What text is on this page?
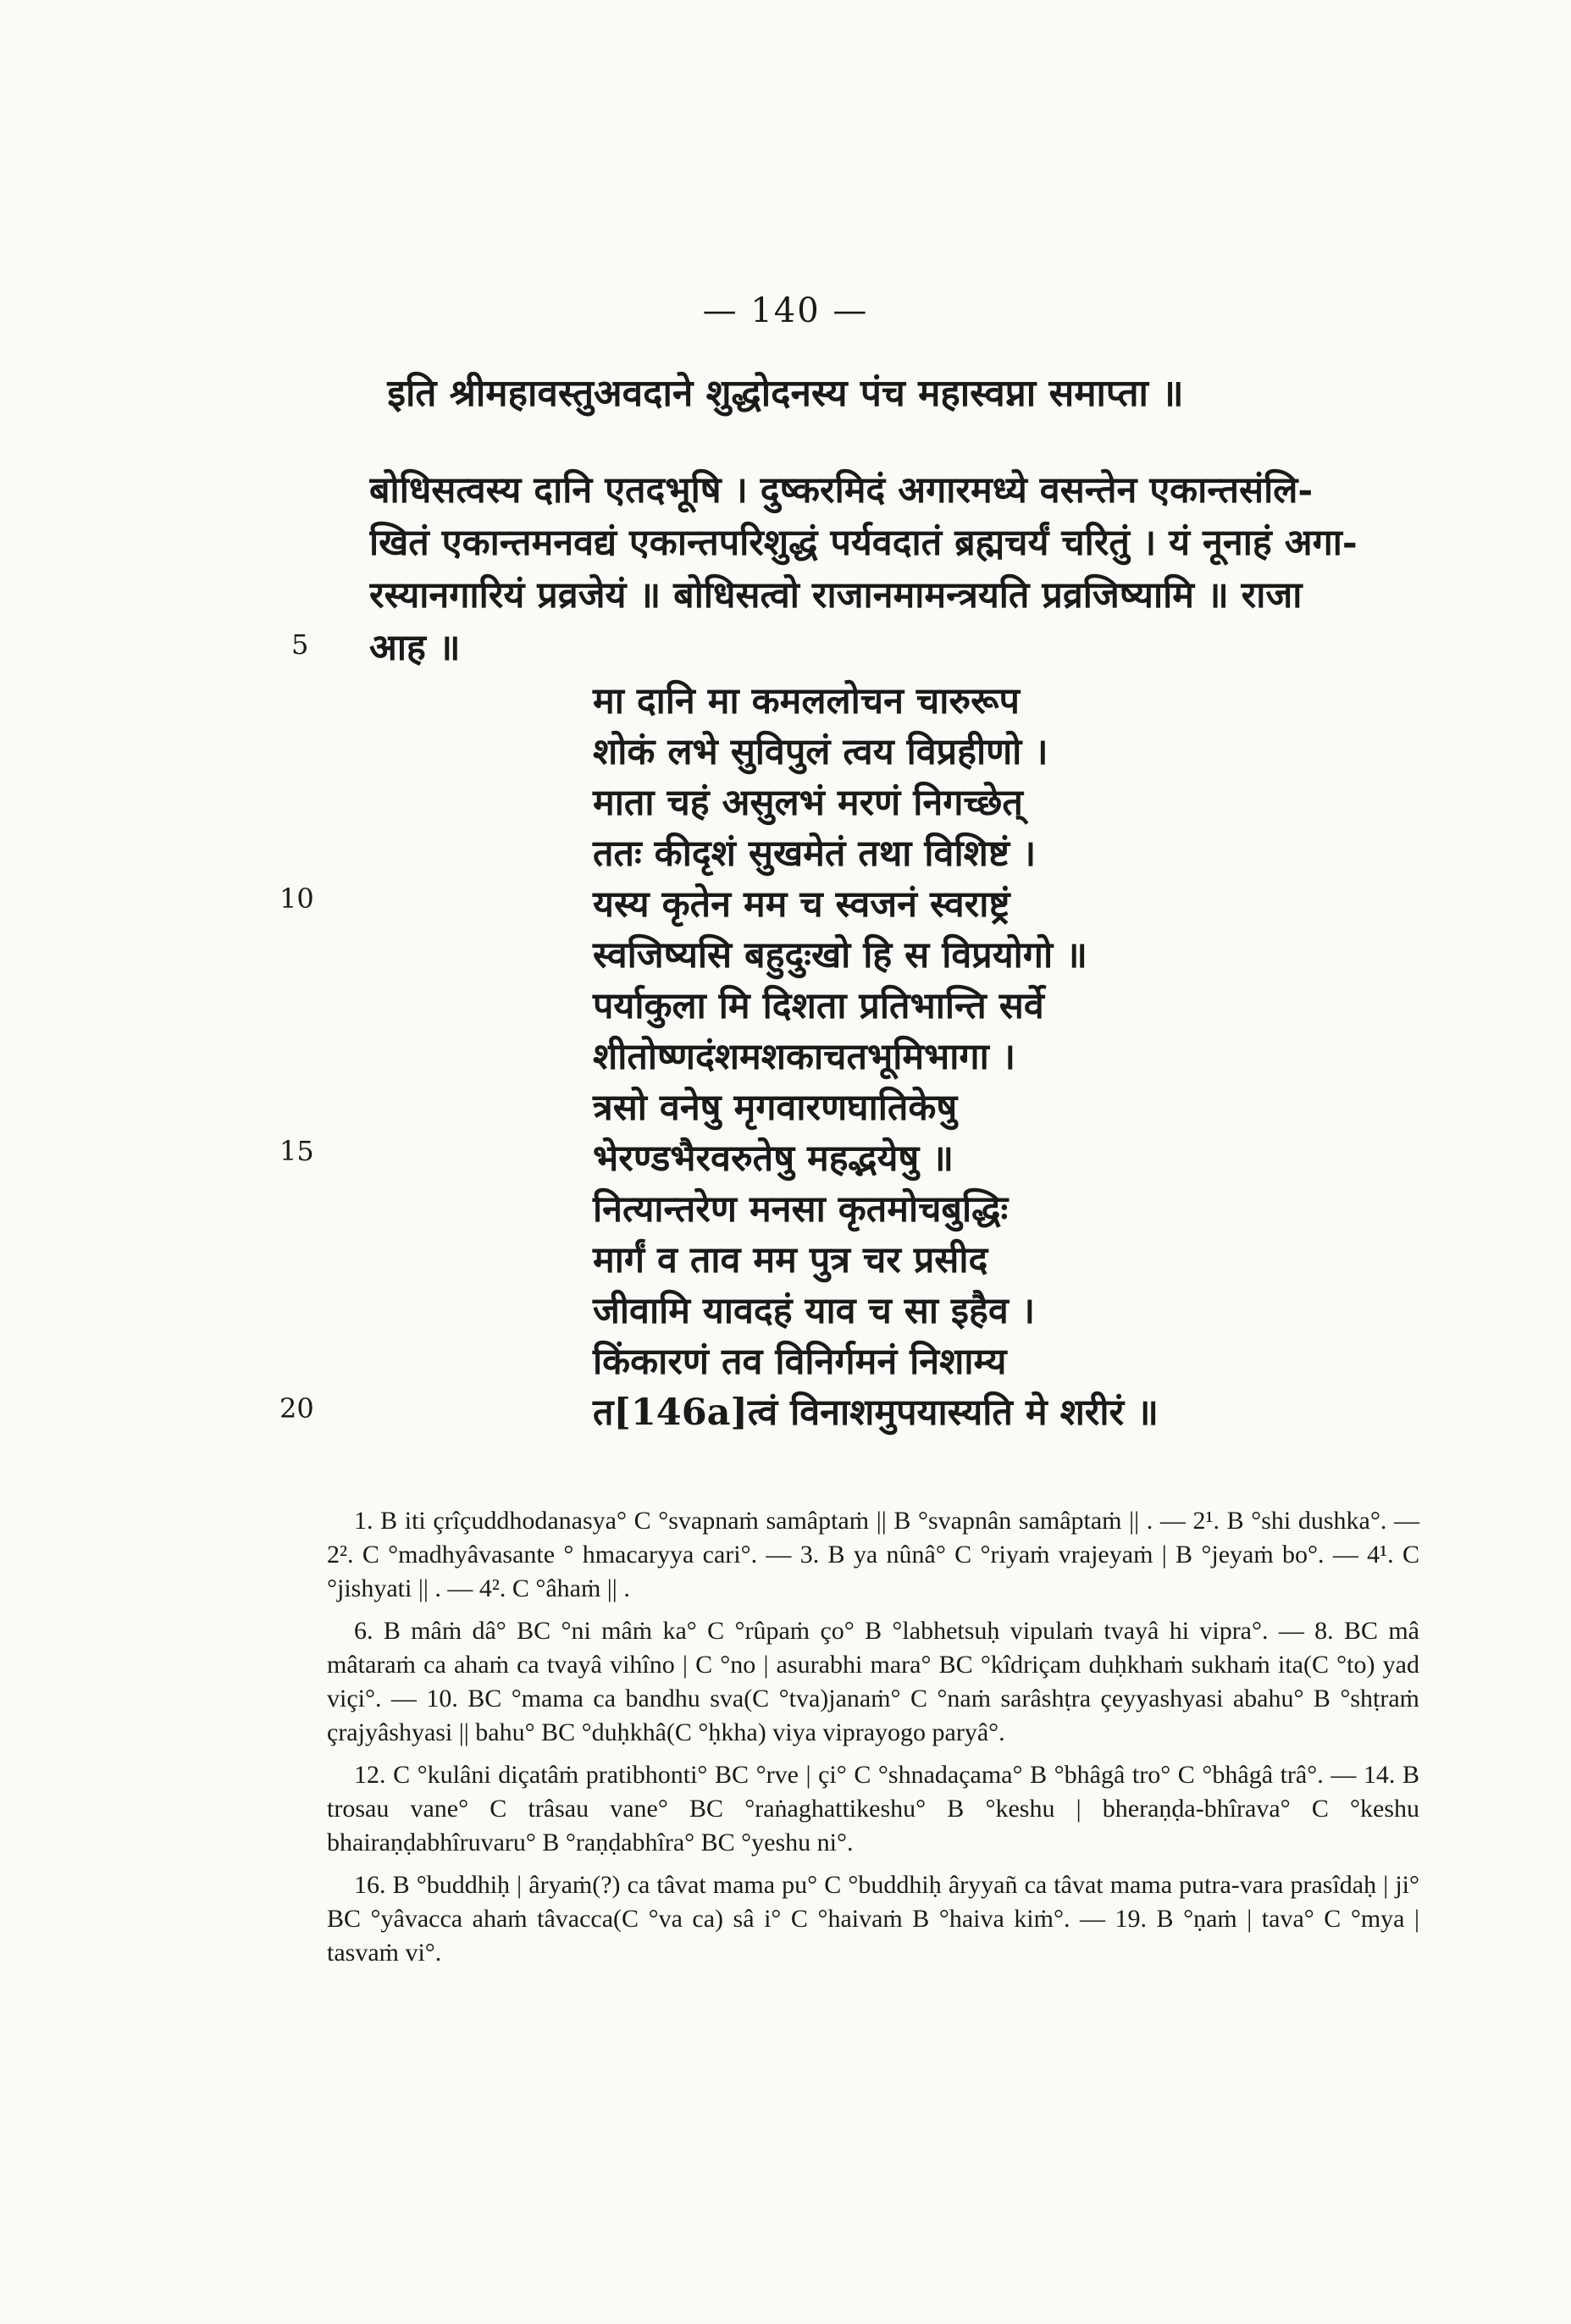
— 140 —
इति श्रीमहावस्तुअवदाने शुद्धोदनस्य पंच महास्वप्ना समाप्ता ॥
बोधिसत्वस्य दानि एतदभूषि । दुष्करमिदं अगारमध्ये वसन्तेन एकान्तसंलि-
खितं एकान्तमनवद्यं एकान्तपरिशुद्धं पर्यवदातं ब्रह्मचर्यं चरितुं । यं नूनाहं अगा-
रस्यानगारियं प्रव्रजेयं ॥ बोधिसत्वो राजानमामन्त्रयति प्रव्रजिष्यामि ॥ राजा
आह ॥
5
10
15
20
मा दानि मा कमललोचन चारुरूप
शोकं लभे सुविपुलं त्वय विप्रहीणो ।
माता चहं असुलभं मरणं निगच्छेत्
ततः कीदृशं सुखमेतं तथा विशिष्टं ।
यस्य कृतेन मम च स्वजनं स्वराष्ट्रं
स्वजिष्यसि बहुदुःखो हि स विप्रयोगो ॥
पर्याकुला मि दिशता प्रतिभान्ति सर्वे
शीतोष्णदंशमशकाचतभूमिभागा ।
त्रसो वनेषु मृगवारणघातिकेषु
भेरण्डभैरवरुतेषु महद्भयेषु ॥
नित्यान्तरेण मनसा कृतमोचबुद्धिः
मार्गं व ताव मम पुत्र चर प्रसीद
जीवामि यावदहं याव च सा इहैव ।
किंकारणं तव विनिर्गमनं निशाम्य
त[146a]त्वं विनाशमुपयास्यति मे शरीरं ॥

1. B iti çrîçuddhodanasya° C °svapnaṁ samâptaṁ || B °svapnân samâptaṁ || . — 2¹. B °shi dushka°. — 2². C °madhyâvasante ° hmacaryya cari°. — 3. B ya nûnâ° C °riyaṁ vrajeyaṁ | B °jeyaṁ bo°. — 4¹. C °jishyati || . — 4². C °âhaṁ || .

6. B mâṁ dâ° BC °ni mâṁ ka° C °rûpaṁ ço° B °labhetsuḥ vipulaṁ tvayâ hi vipra°. — 8. BC mâ mâtaraṁ ca ahaṁ ca tvayâ vihîno | C °no | asurabhi mara° BC °kîdriçam duḥkhaṁ sukhaṁ ita(C °to) yad viçi°. — 10. BC °mama ca bandhu sva(C °tva)janaṁ° C °naṁ sarâshṭra çeyyashyasi abahu° B °shṭraṁ çrajyâshyasi || bahu° BC °duḥkhâ(C °ḥkha) viya viprayogo paryâ°.

12. C °kulâni diçatâṁ pratibhonti° BC °rve | çi° C °shnadaçama° B °bhâgâ tro° C °bhâgâ trâ°. — 14. B trosau vane° C trâsau vane° BC °raṅaghattikeshu° B °keshu | bheraṇḍa-bhîrava° C °keshu bhairaṇḍabhîruvaru° B °raṇḍabhîra° BC °yeshu ni°.

16. B °buddhiḥ | âryaṁ(?) ca tâvat mama pu° C °buddhiḥ âryyañ ca tâvat mama putra-vara prasîdaḥ | ji° BC °yâvacca ahaṁ tâvacca(C °va ca) sâ i° C °haivaṁ B °haiva kiṁ°. — 19. B °ṇaṁ | tava° C °mya | tasvaṁ vi°.
